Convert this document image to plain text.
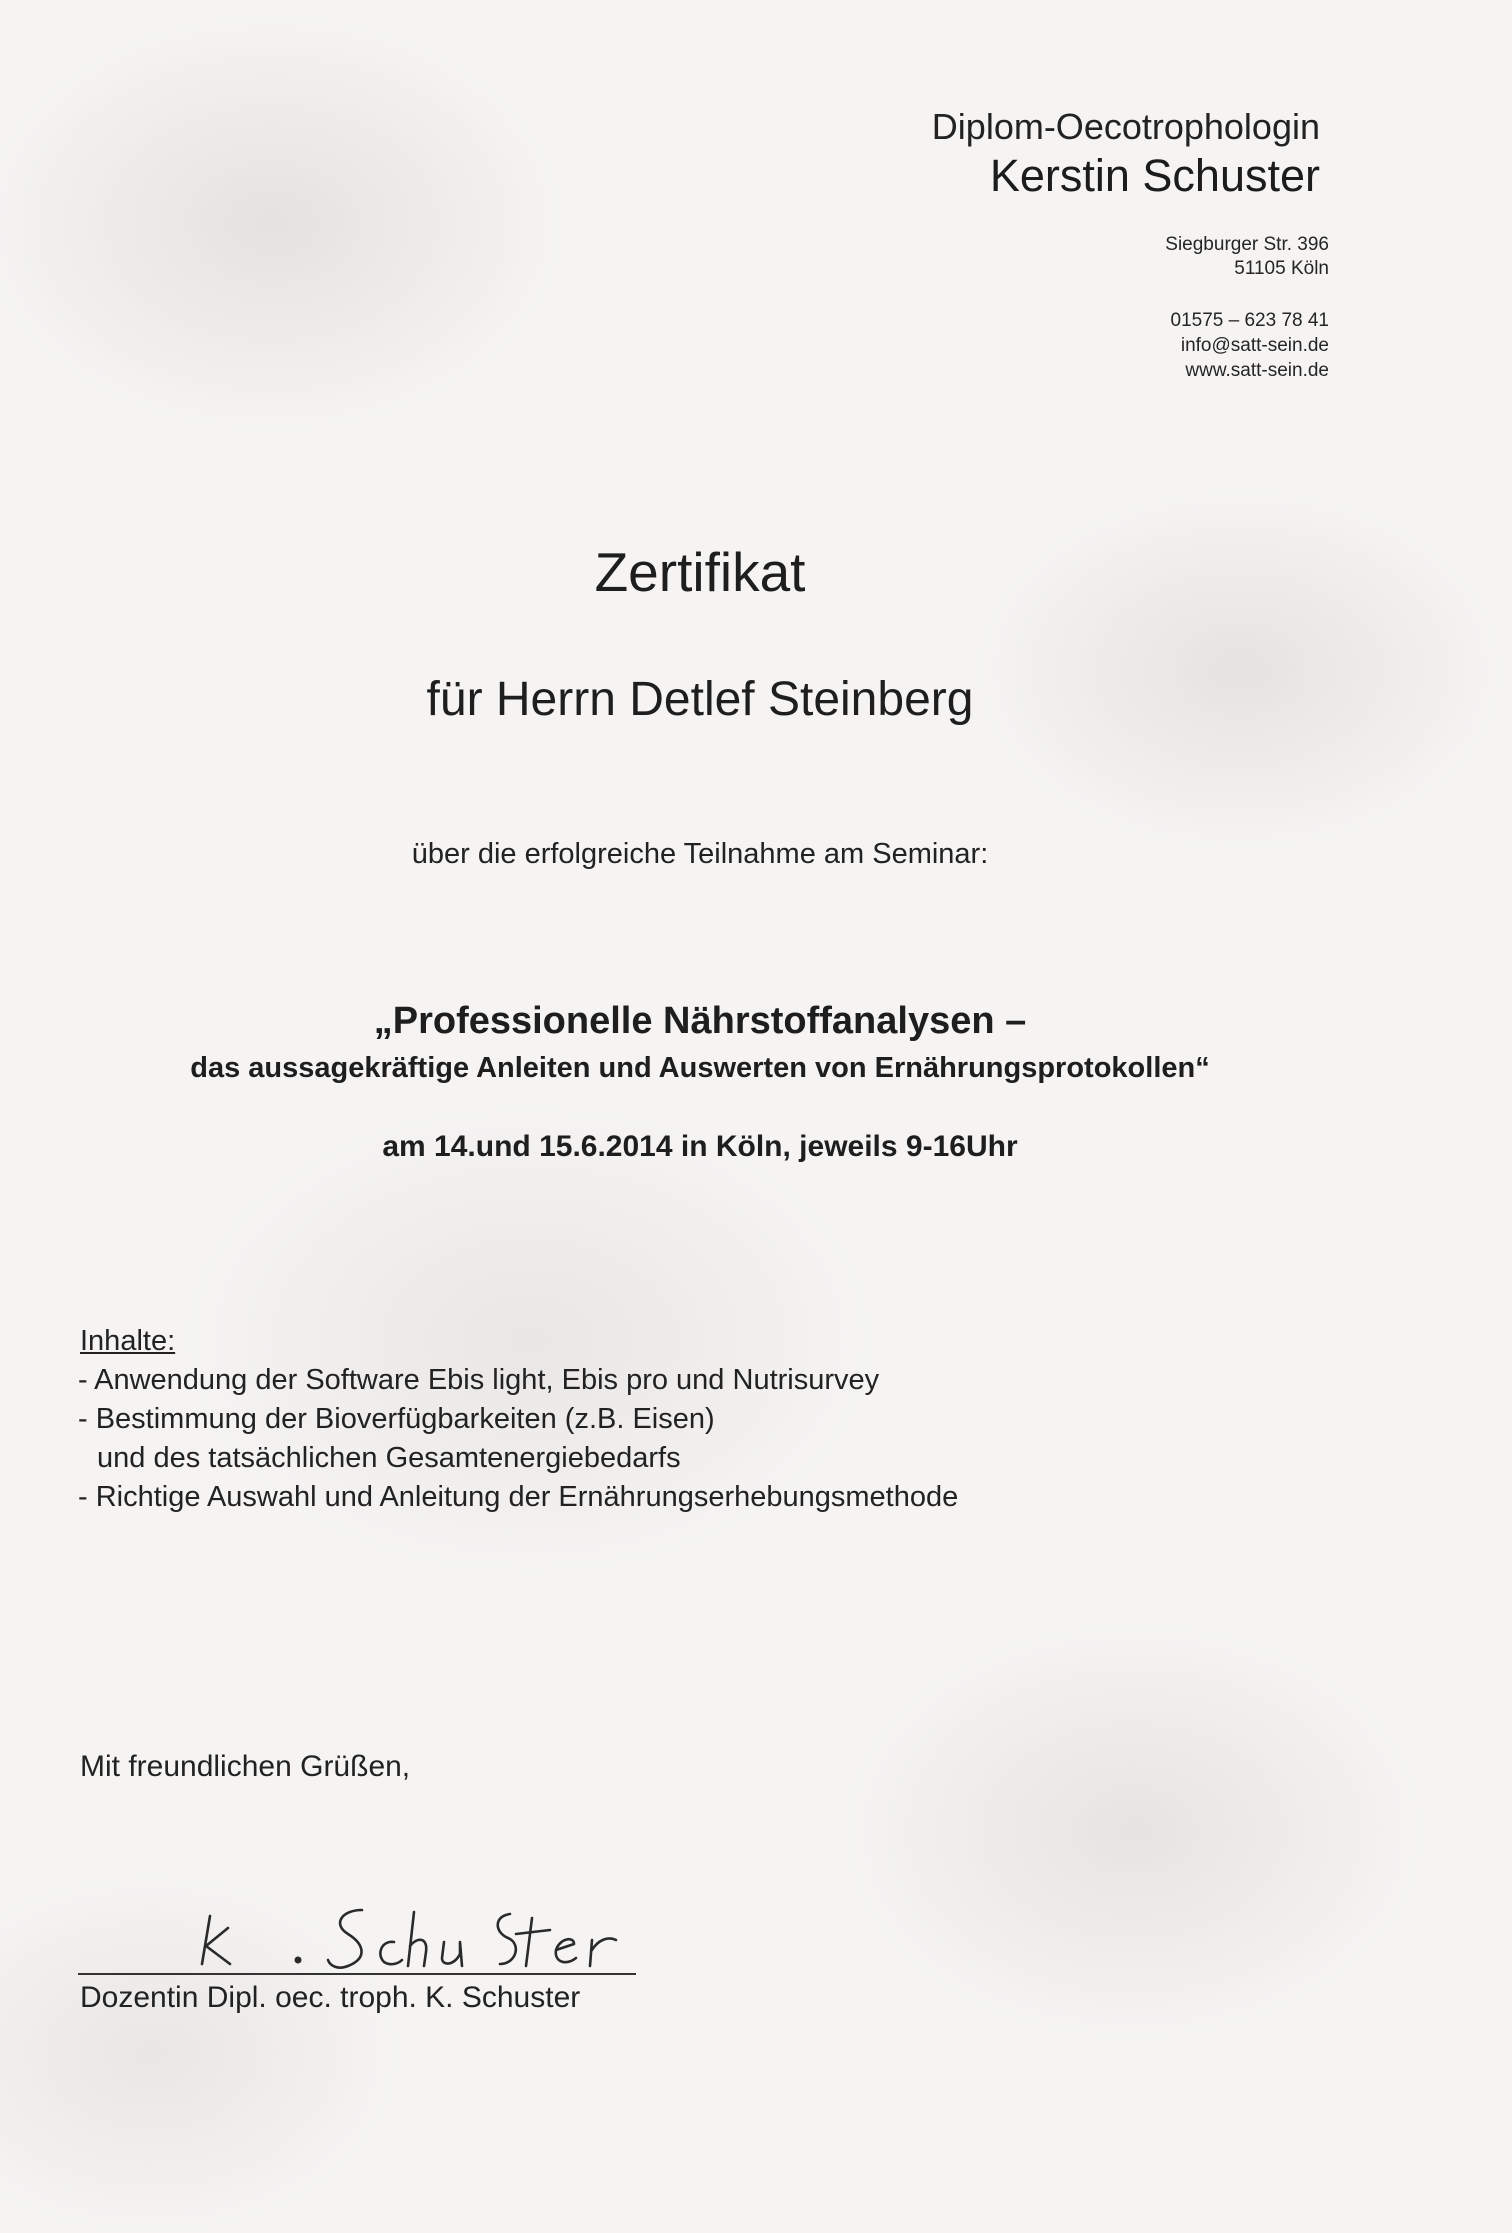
Diplom-Oecotrophologin
Kerstin Schuster
Siegburger Str. 396
51105 Köln
01575 – 623 78 41
info@satt-sein.de
www.satt-sein.de
Zertifikat
für Herrn Detlef Steinberg
über die erfolgreiche Teilnahme am Seminar:
„Professionelle Nährstoffanalysen –
das aussagekräftige Anleiten und Auswerten von Ernährungsprotokollen“
am 14.und 15.6.2014 in Köln, jeweils 9-16Uhr
Inhalte:
- Anwendung der Software Ebis light, Ebis pro und Nutrisurvey
- Bestimmung der Bioverfügbarkeiten (z.B. Eisen)
und des tatsächlichen Gesamtenergiebedarfs
- Richtige Auswahl und Anleitung der Ernährungserhebungsmethode
Mit freundlichen Grüßen,
Dozentin Dipl. oec. troph. K. Schuster
